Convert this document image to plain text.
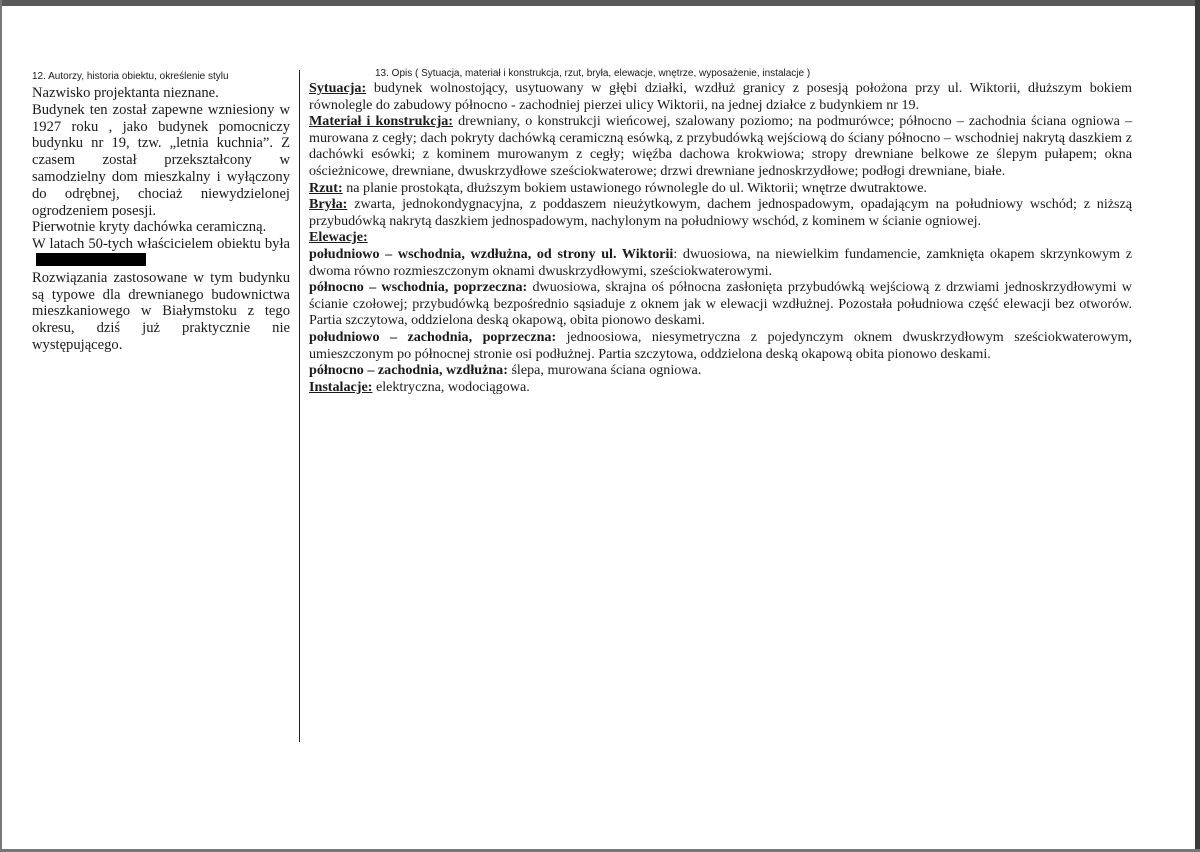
12. Autorzy, historia obiektu, określenie stylu

Nazwisko projektanta nieznane.

Budynek ten został zapewne wzniesiony w 1927 roku , jako budynek pomocniczy budynku nr 19, tzw. „letnia kuchnia”. Z czasem został przekształcony w samodzielny dom mieszkalny i wyłączony do odrębnej, chociaż niewydzielonej ogrodzeniem posesji.

Pierwotnie kryty dachówka ceramiczną.

W latach 50-tych właścicielem obiektu była

Rozwiązania zastosowane w tym budynku są typowe dla drewnianego budownictwa mieszkaniowego w Białymstoku z tego okresu, dziś już praktycznie nie występującego.

13. Opis ( Sytuacja, materiał i konstrukcja, rzut, bryła, elewacje, wnętrze, wyposażenie, instalacje )

Sytuacja: budynek wolnostojący, usytuowany w głębi działki, wzdłuż granicy z posesją położona przy ul. Wiktorii, dłuższym bokiem równolegle do zabudowy północno - zachodniej pierzei ulicy Wiktorii, na jednej działce z budynkiem nr 19.

Materiał i konstrukcja: drewniany, o konstrukcji wieńcowej, szalowany poziomo; na podmurówce; północno – zachodnia ściana ogniowa – murowana z cegły; dach pokryty dachówką ceramiczną esówką, z przybudówką wejściową do ściany północno – wschodniej nakrytą daszkiem z dachówki esówki; z kominem murowanym z cegły; więźba dachowa krokwiowa; stropy drewniane belkowe ze ślepym pułapem; okna ościeżnicowe, drewniane, dwuskrzydłowe sześciokwaterowe; drzwi drewniane jednoskrzydłowe; podłogi drewniane, białe.

Rzut: na planie prostokąta, dłuższym bokiem ustawionego równolegle do ul. Wiktorii; wnętrze dwutraktowe.

Bryła: zwarta, jednokondygnacyjna, z poddaszem nieużytkowym, dachem jednospadowym, opadającym na południowy wschód; z niższą przybudówką nakrytą daszkiem jednospadowym, nachylonym na południowy wschód, z kominem w ścianie ogniowej.

Elewacje:

południowo – wschodnia, wzdłużna, od strony ul. Wiktorii: dwuosiowa, na niewielkim fundamencie, zamknięta okapem skrzynkowym z dwoma równo rozmieszczonym oknami dwuskrzydłowymi, sześciokwaterowymi.

północno – wschodnia, poprzeczna: dwuosiowa, skrajna oś północna zasłonięta przybudówką wejściową z drzwiami jednoskrzydłowymi w ścianie czołowej; przybudówką bezpośrednio sąsiaduje z oknem jak w elewacji wzdłużnej. Pozostała południowa część elewacji bez otworów. Partia szczytowa, oddzielona deską okapową, obita pionowo deskami.

południowo – zachodnia, poprzeczna: jednoosiowa, niesymetryczna z pojedynczym oknem dwuskrzydłowym sześciokwaterowym, umieszczonym po północnej stronie osi podłużnej. Partia szczytowa, oddzielona deską okapową obita pionowo deskami.

północno – zachodnia, wzdłużna: ślepa, murowana ściana ogniowa.

Instalacje: elektryczna, wodociągowa.
